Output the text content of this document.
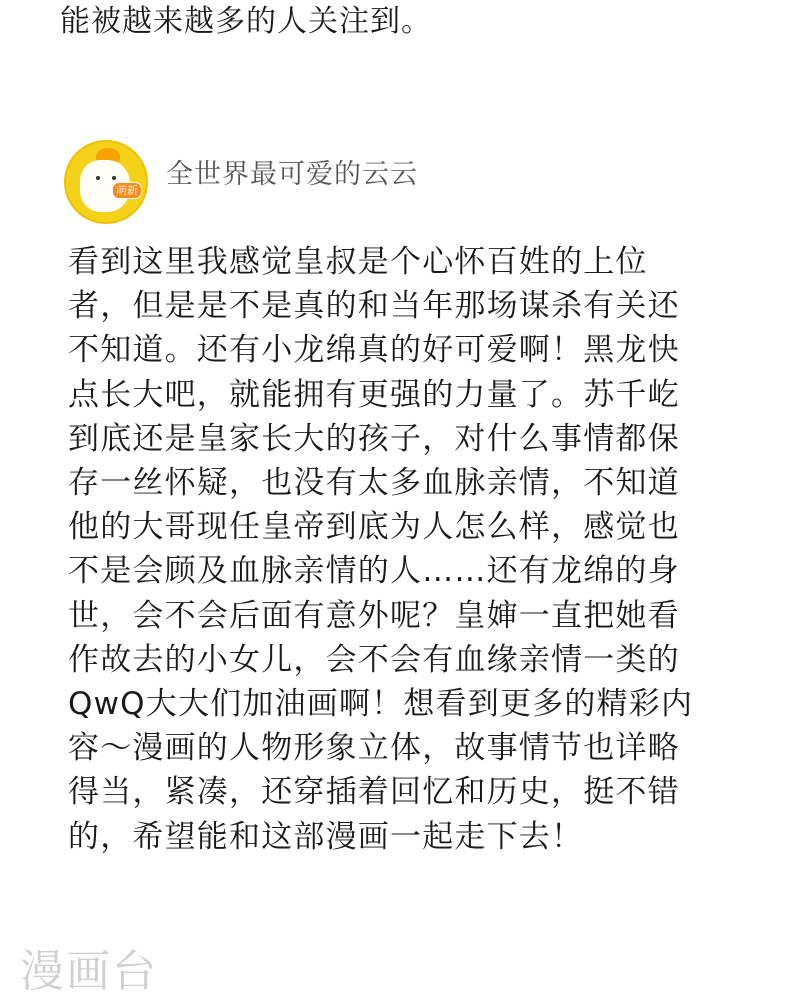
能被越来越多的人关注到。
萌新
全世界最可爱的云云
看到这里我感觉皇叔是个心怀百姓的上位
者，但是是不是真的和当年那场谋杀有关还
不知道。还有小龙绵真的好可爱啊！黑龙快
点长大吧，就能拥有更强的力量了。苏千屹
到底还是皇家长大的孩子，对什么事情都保
存一丝怀疑，也没有太多血脉亲情，不知道
他的大哥现任皇帝到底为人怎么样，感觉也
不是会顾及血脉亲情的人……还有龙绵的身
世，会不会后面有意外呢？皇婶一直把她看
作故去的小女儿，会不会有血缘亲情一类的
QwQ大大们加油画啊！想看到更多的精彩内
容～漫画的人物形象立体，故事情节也详略
得当，紧凑，还穿插着回忆和历史，挺不错
的，希望能和这部漫画一起走下去！
漫画台
